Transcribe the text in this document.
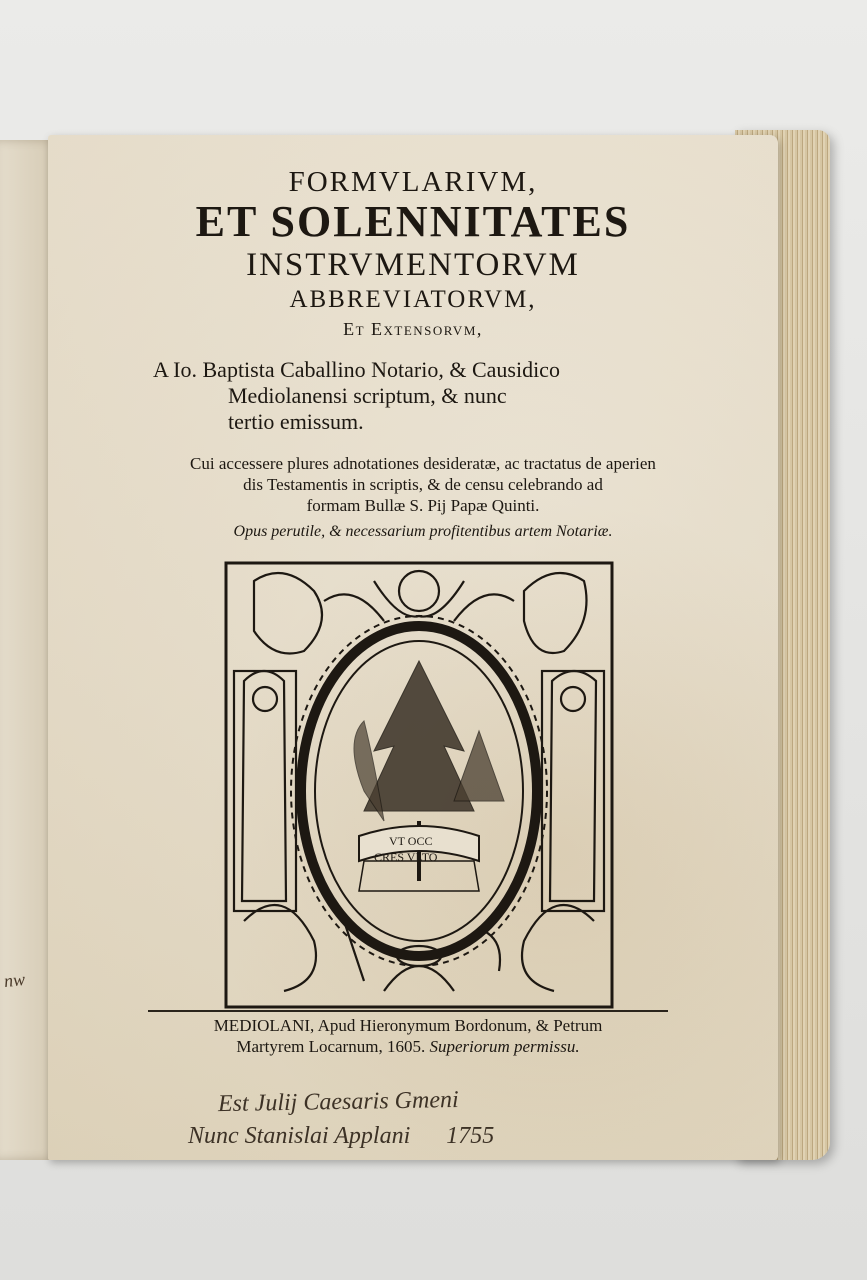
nw
FORMVLARIVM,
ET SOLENNITATES
INSTRVMENTORVM
ABBREVIATORVM,
Et Extensorvm,

A Io. Baptista Caballino Notario, & Causidico

Mediolanensi scriptum, & nunc

tertio emissum.

Cui accessere plures adnotationes desideratæ, ac tractatus de aperien

dis Testamentis in scriptis, & de censu celebrando ad

formam Bullæ S. Pij Papæ Quinti.

Opus perutile, & necessarium profitentibus artem Notariæ.
VT OCC
CRES VLTO

MEDIOLANI, Apud Hieronymum Bordonum, & Petrum

Martyrem Locarnum, 1605. Superiorum permissu.

Est Julij Caesaris Gmeni

Nunc Stanislai Applani 1755
